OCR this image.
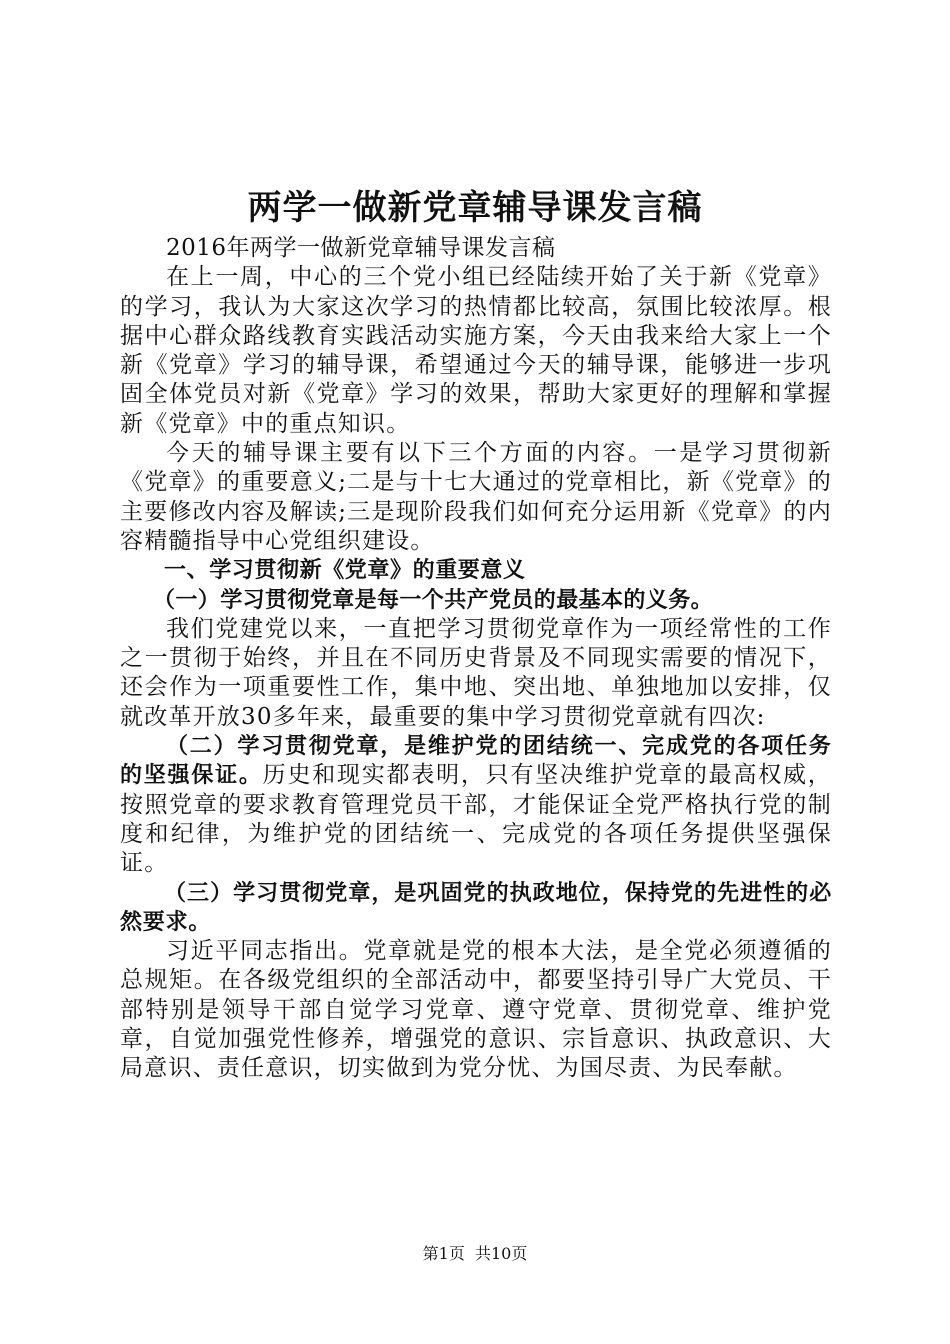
两学一做新党章辅导课发言稿

2016年两学一做新党章辅导课发言稿

在上一周，中心的三个党小组已经陆续开始了关于新《党章》的学习，我认为大家这次学习的热情都比较高，氛围比较浓厚。根据中心群众路线教育实践活动实施方案，今天由我来给大家上一个新《党章》学习的辅导课，希望通过今天的辅导课，能够进一步巩固全体党员对新《党章》学习的效果，帮助大家更好的理解和掌握新《党章》中的重点知识。

今天的辅导课主要有以下三个方面的内容。一是学习贯彻新《党章》的重要意义;二是与十七大通过的党章相比，新《党章》的主要修改内容及解读;三是现阶段我们如何充分运用新《党章》的内容精髓指导中心党组织建设。

一、学习贯彻新《党章》的重要意义

（一）学习贯彻党章是每一个共产党员的最基本的义务。

我们党建党以来，一直把学习贯彻党章作为一项经常性的工作之一贯彻于始终，并且在不同历史背景及不同现实需要的情况下，还会作为一项重要性工作，集中地、突出地、单独地加以安排，仅就改革开放30多年来，最重要的集中学习贯彻党章就有四次:

（二）学习贯彻党章，是维护党的团结统一、完成党的各项任务的坚强保证。历史和现实都表明，只有坚决维护党章的最高权威，按照党章的要求教育管理党员干部，才能保证全党严格执行党的制度和纪律，为维护党的团结统一、完成党的各项任务提供坚强保证。

（三）学习贯彻党章，是巩固党的执政地位，保持党的先进性的必然要求。

习近平同志指出。党章就是党的根本大法，是全党必须遵循的总规矩。在各级党组织的全部活动中，都要坚持引导广大党员、干部特别是领导干部自觉学习党章、遵守党章、贯彻党章、维护党章，自觉加强党性修养，增强党的意识、宗旨意识、执政意识、大局意识、责任意识，切实做到为党分忧、为国尽责、为民奉献。

第1页  共10页
